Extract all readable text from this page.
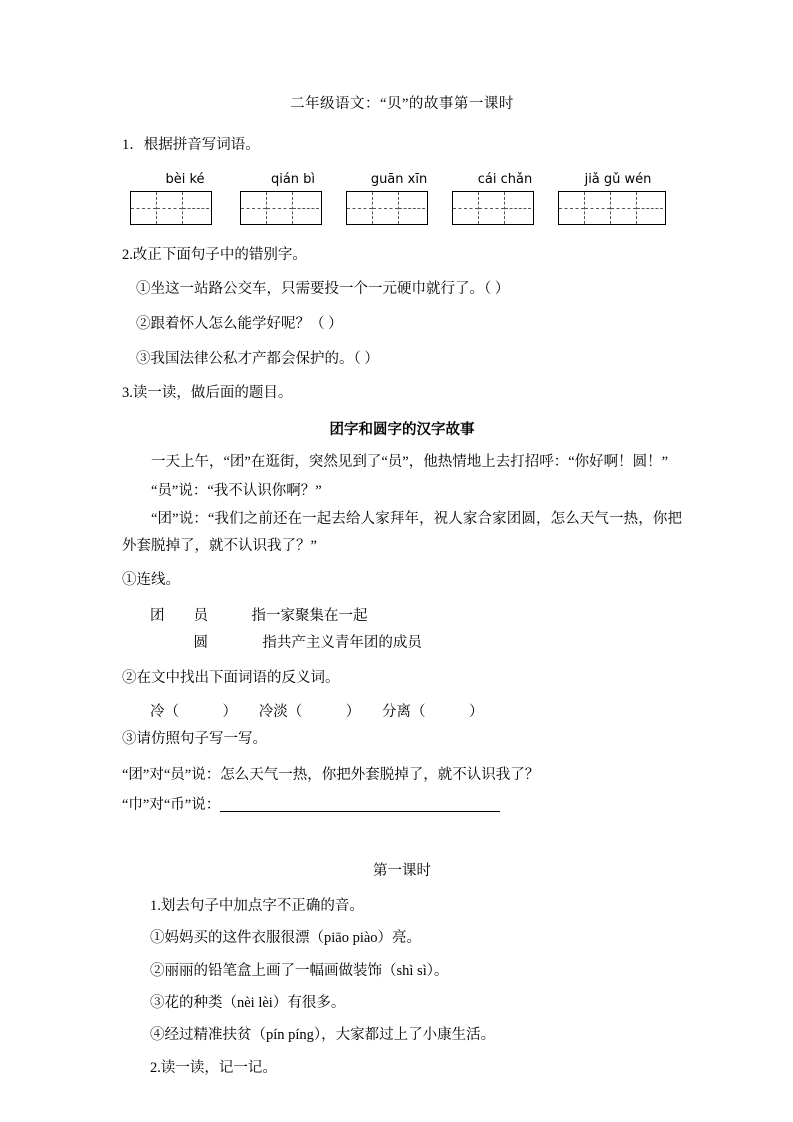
二年级语文：“贝”的故事第一课时
1．根据拼音写词语。
bèi ké	qián bì	guān xīn	cái chǎn	jiǎ gǔ wén
2.改正下面句子中的错别字。
①坐这一站路公交车，只需要投一个一元硬巾就行了。（ ）
②跟着怀人怎么能学好呢？（ ）
③我国法律公私才产都会保护的。（ ）
3.读一读，做后面的题目。
团字和圆字的汉字故事
一天上午，“团”在逛街，突然见到了“员”，他热情地上去打招呼：“你好啊！圆！”
“员”说：“我不认识你啊？”
“团”说：“我们之前还在一起去给人家拜年，祝人家合家团圆，怎么天气一热，你把外套脱掉了，就不认识我了？”
①连线。
团        员            指一家聚集在一起
圆               指共产主义青年团的成员
②在文中找出下面词语的反义词。
冷（            ）      冷淡（            ）      分离（            ）
③请仿照句子写一写。
“团”对“员”说：怎么天气一热，你把外套脱掉了，就不认识我了？
“巾”对“币”说：
第一课时
1.划去句子中加点字不正确的音。
①妈妈买的这件衣服很漂（piāo piào）亮。
②丽丽的铅笔盒上画了一幅画做装饰（shì sì）。
③花的种类（nèi lèi）有很多。
④经过精准扶贫（pín píng），大家都过上了小康生活。
2.读一读，记一记。
